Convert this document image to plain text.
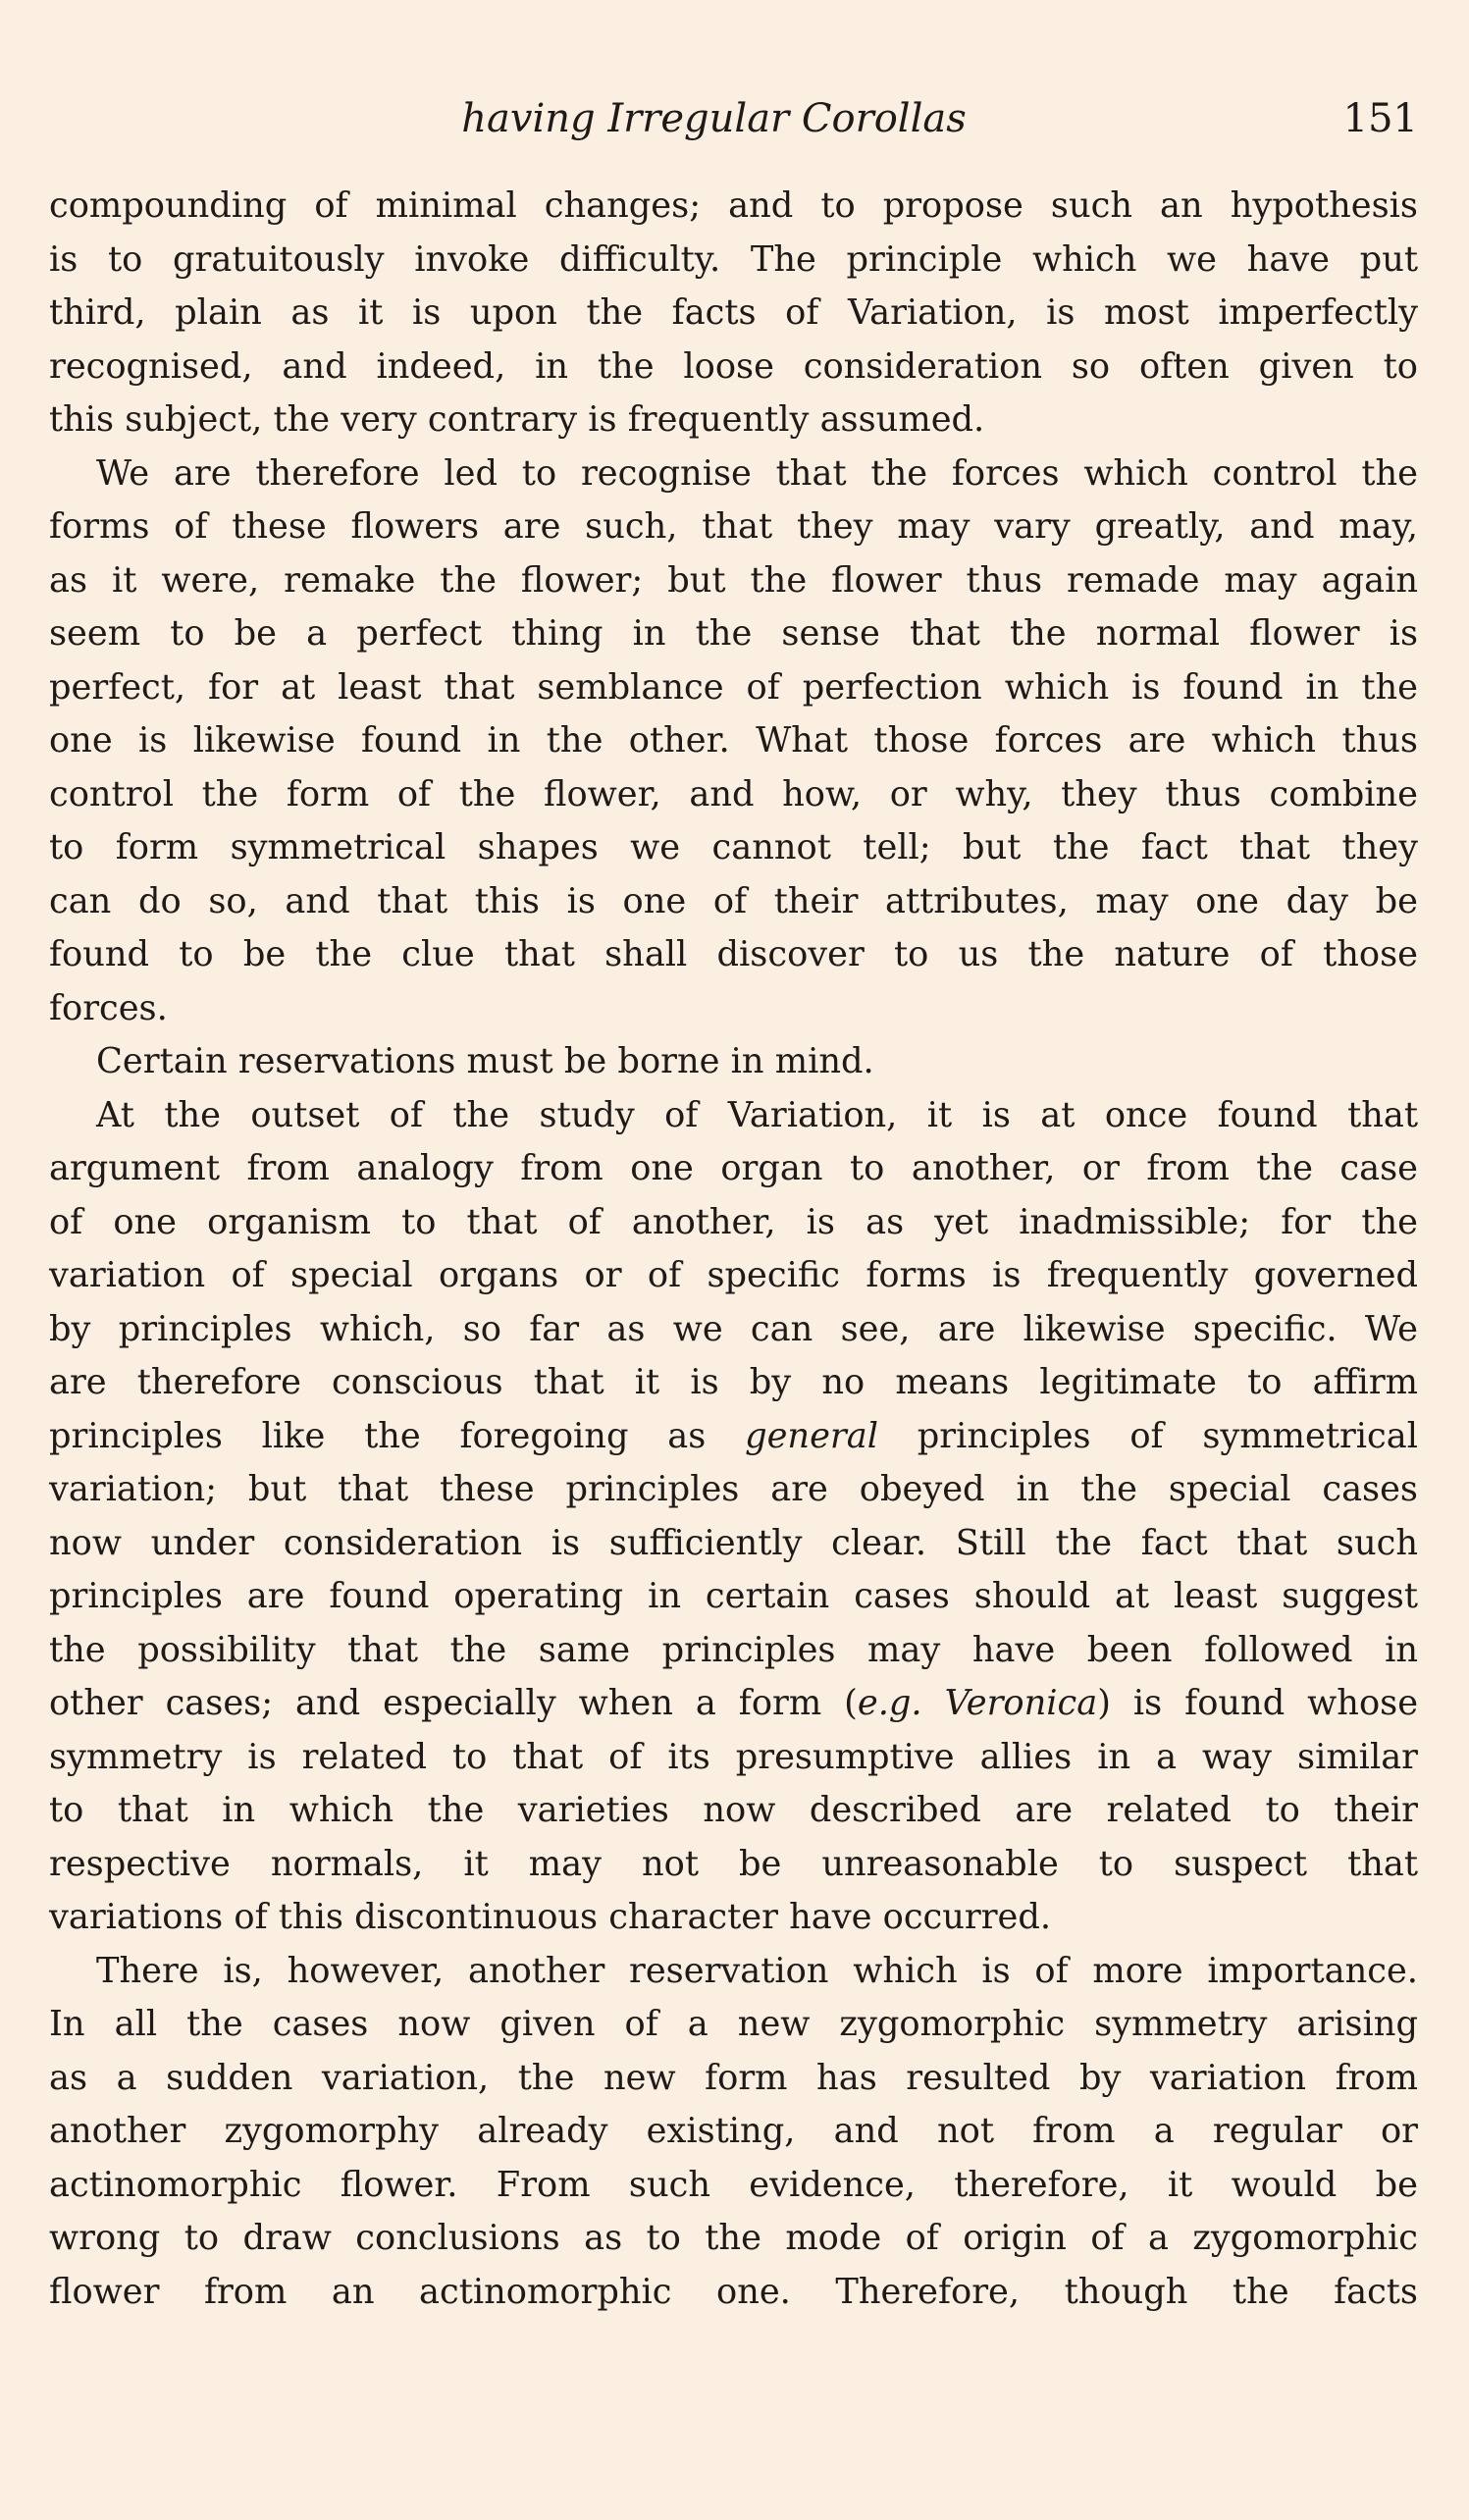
having Irregular Corollas	151

compounding of minimal changes; and to propose such an hypothesis
is to gratuitously invoke difficulty. The principle which we have put
third, plain as it is upon the facts of Variation, is most imperfectly
recognised, and indeed, in the loose consideration so often given to
this subject, the very contrary is frequently assumed.

We are therefore led to recognise that the forces which control the
forms of these flowers are such, that they may vary greatly, and may,
as it were, remake the flower; but the flower thus remade may again
seem to be a perfect thing in the sense that the normal flower is
perfect, for at least that semblance of perfection which is found in the
one is likewise found in the other. What those forces are which thus
control the form of the flower, and how, or why, they thus combine
to form symmetrical shapes we cannot tell; but the fact that they
can do so, and that this is one of their attributes, may one day be
found to be the clue that shall discover to us the nature of those
forces.

Certain reservations must be borne in mind.

At the outset of the study of Variation, it is at once found that
argument from analogy from one organ to another, or from the case
of one organism to that of another, is as yet inadmissible; for the
variation of special organs or of specific forms is frequently governed
by principles which, so far as we can see, are likewise specific. We
are therefore conscious that it is by no means legitimate to affirm
principles like the foregoing as general principles of symmetrical
variation; but that these principles are obeyed in the special cases
now under consideration is sufficiently clear. Still the fact that such
principles are found operating in certain cases should at least suggest
the possibility that the same principles may have been followed in
other cases; and especially when a form (e.g. Veronica) is found whose
symmetry is related to that of its presumptive allies in a way similar
to that in which the varieties now described are related to their
respective normals, it may not be unreasonable to suspect that
variations of this discontinuous character have occurred.

There is, however, another reservation which is of more importance.
In all the cases now given of a new zygomorphic symmetry arising
as a sudden variation, the new form has resulted by variation from
another zygomorphy already existing, and not from a regular or
actinomorphic flower. From such evidence, therefore, it would be
wrong to draw conclusions as to the mode of origin of a zygomorphic
flower from an actinomorphic one. Therefore, though the facts
